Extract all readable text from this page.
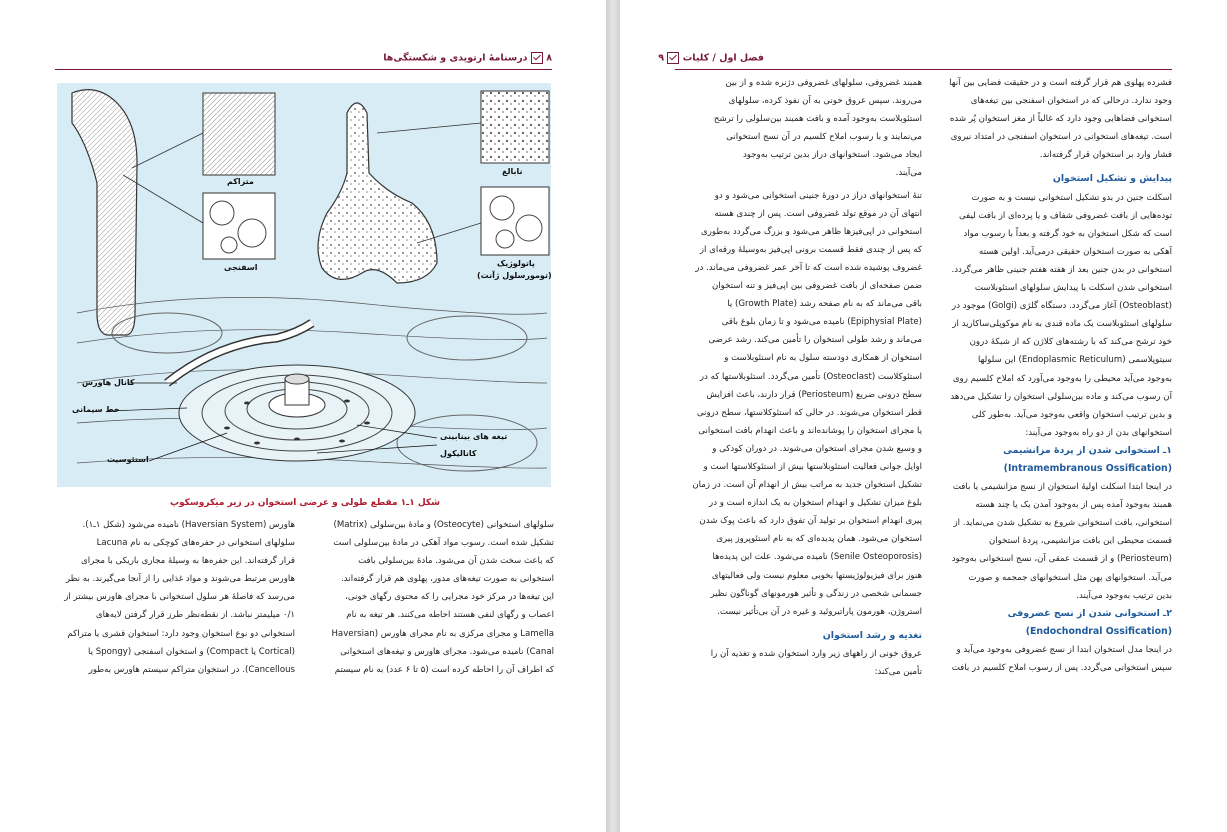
۸  درسنامهٔ ارتوپدی و شکستگی‌ها
متراکم
اسفنجی
نابالغ
پاتولوژیک
(تومورسلول ژآنت)
کانال هاورس
خط سیمانی
استئوسیت
تیغه های بینابینی
کانالیکول
شکل ۱ـ۱ مقطع طولی و عرضی استخوان در زیر میکروسکوپ

سلولهای استخوانی (Osteocyte) و مادهٔ بین‌سلولی (Matrix)

تشکیل شده است. رسوب مواد آهکی در مادهٔ بین‌سلولی است

که باعث سخت شدن آن می‌شود. مادهٔ بین‌سلولی بافت

استخوانی به صورت تیغه‌های مدور، پهلوی هم قرار گرفته‌اند.

این تیغه‌ها در مرکز خود مجرایی را که محتوی رگهای خونی،

اعصاب و رگهای لنفی هستند احاطه می‌کنند. هر تیغه به نام

Lamella و مجرای مرکزی به نام مجرای هاورس (Haversian

Canal) نامیده می‌شود. مجرای هاورس و تیغه‌های استخوانی

که اطراف آن را احاطه کرده است (۵ تا ۶ عدد) به نام سیستم

هاورس (Haversian System) نامیده می‌شود (شکل ۱ـ۱).

سلولهای استخوانی در حفره‌های کوچکی به نام Lacuna

قرار گرفته‌اند. این حفره‌ها به وسیلهٔ مجاری باریکی با مجرای

هاورس مرتبط می‌شوند و مواد غذایی را از آنجا می‌گیرند. به نظر

می‌رسد که فاصلهٔ هر سلول استخوانی با مجرای هاورس بیشتر از

۰/۱ میلیمتر نباشد. از نقطه‌نظر طرز قرار گرفتن لایه‌های

استخوانی دو نوع استخوان وجود دارد: استخوان قشری یا متراکم

(Cortical یا Compact) و استخوان اسفنجی (Spongy یا

Cancellous). در استخوان متراکم سیستم هاورس به‌طور

فصل اول / کلیات  ۹

فشرده پهلوی هم قرار گرفته است و در حقیقت فضایی بین آنها

وجود ندارد. درحالی که در استخوان اسفنجی بین تیغه‌های

استخوانی فضاهایی وجود دارد که غالباً از مغز استخوان پُر شده

است. تیغه‌های استخوانی در استخوان اسفنجی در امتداد نیروی

فشار وارد بر استخوان قرار گرفته‌اند.

پیدایش و تشکیل استخوان

اسکلت جنین در بدو تشکیل استخوانی نیست و به صورت

توده‌هایی از بافت غضروفی شفاف و یا پرده‌ای از بافت لیفی

است که شکل استخوان به خود گرفته و بعداً با رسوب مواد

آهکی به صورت استخوان حقیقی درمی‌آید. اولین هسته

استخوانی در بدن جنین بعد از هفته هفتم جنینی ظاهر می‌گردد.

استخوانی شدن اسکلت با پیدایش سلولهای استئوبلاست

(Osteoblast) آغاز می‌گردد. دستگاه گلژی (Golgi) موجود در

سلولهای استئوبلاست یک ماده قندی به نام موکوپلی‌ساکارید از

خود ترشح می‌کند که با رشته‌های کلاژن که از شبکهٔ درون

سیتوپلاسمی (Endoplasmic Reticulum) این سلولها

به‌وجود می‌آید محیطی را به‌وجود می‌آورد که املاح کلسیم روی

آن رسوب می‌کند و ماده بین‌سلولی استخوان را تشکیل می‌دهد

و بدین ترتیب استخوان واقعی به‌وجود می‌آید. به‌طور کلی

استخوانهای بدن از دو راه به‌وجود می‌آیند:

۱ـ استخوانی شدن از پردهٔ مزانشیمی

(Intramembranous Ossification)

در اینجا ابتدا اسکلت اولیهٔ استخوان از نسج مزانشیمی یا بافت

همبند به‌وجود آمده پس از به‌وجود آمدن یک یا چند هسته

استخوانی، بافت استخوانی شروع به تشکیل شدن می‌نماید. از

قسمت محیطی این بافت مزانشیمی، پردهٔ استخوان

(Periosteum) و از قسمت عمقی آن، نسج استخوانی به‌وجود

می‌آید. استخوانهای پهن مثل استخوانهای جمجمه و صورت

بدین ترتیب به‌وجود می‌آیند.

۲ـ استخوانی شدن از نسج غضروفی

(Endochondral Ossification)

در اینجا مدل استخوان ابتدا از نسج غضروفی به‌وجود می‌آید و

سپس استخوانی می‌گردد. پس از رسوب املاح کلسیم در بافت

همبند غضروفی، سلولهای غضروفی دژنره شده و از بین

می‌روند. سپس عروق خونی به آن نفوذ کرده، سلولهای

استئوبلاست به‌وجود آمده و بافت همبند بین‌سلولی را ترشح

می‌نمایند و با رسوب املاح کلسیم در آن نسج استخوانی

ایجاد می‌شود. استخوانهای دراز بدین ترتیب به‌وجود

می‌آیند.

تنهٔ استخوانهای دراز در دورهٔ جنینی استخوانی می‌شود و دو

انتهای آن در موقع تولد غضروفی است. پس از چندی هسته

استخوانی در اپی‌فیزها ظاهر می‌شود و بزرگ می‌گردد به‌طوری

که پس از چندی فقط قسمت برونی اپی‌فیز به‌وسیلهٔ ورقه‌ای از

غضروف پوشیده شده است که تا آخر عمر غضروفی می‌ماند. در

ضمن صفحه‌ای از بافت غضروفی بین اپی‌فیز و تنه استخوان

باقی می‌ماند که به نام صفحه رشد (Growth Plate) یا

(Epiphysial Plate) نامیده می‌شود و تا زمان بلوغ باقی

می‌ماند و رشد طولی استخوان را تأمین می‌کند. رشد عرضی

استخوان از همکاری دودسته سلول به نام استئوبلاست و

استئوکلاست (Osteoclast) تأمین می‌گردد. استئوبلاستها که در

سطح درونی ضریع (Periosteum) قرار دارند، باعث افزایش

قطر استخوان می‌شوند. در حالی که استئوکلاستها، سطح درونی

یا مجرای استخوان را پوشانده‌اند و باعث انهدام بافت استخوانی

و وسیع شدن مجرای استخوان می‌شوند. در دوران کودکی و

اوایل جوانی فعالیت استئوبلاستها بیش از استئوکلاستها است و

تشکیل استخوان جدید به مراتب بیش از انهدام آن است. در زمان

بلوغ میزان تشکیل و انهدام استخوان به یک اندازه است و در

پیری انهدام استخوان بر تولید آن تفوق دارد که باعث پوک شدن

استخوان می‌شود. همان پدیده‌ای که به نام استئوپروز پیری

(Senile Osteoporosis) نامیده می‌شود. علت این پدیده‌ها

هنوز برای فیزیولوژیستها بخوبی معلوم نیست ولی فعالیتهای

جسمانی شخصی در زندگی و تأثیر هورمونهای گوناگون نظیر

استروژن، هورمون پاراتیروئید و غیره در آن بی‌تأثیر نیست.

تغذیه و رشد استخوان

عروق خونی از راههای زیر وارد استخوان شده و تغذیه آن را

تأمین می‌کند:
